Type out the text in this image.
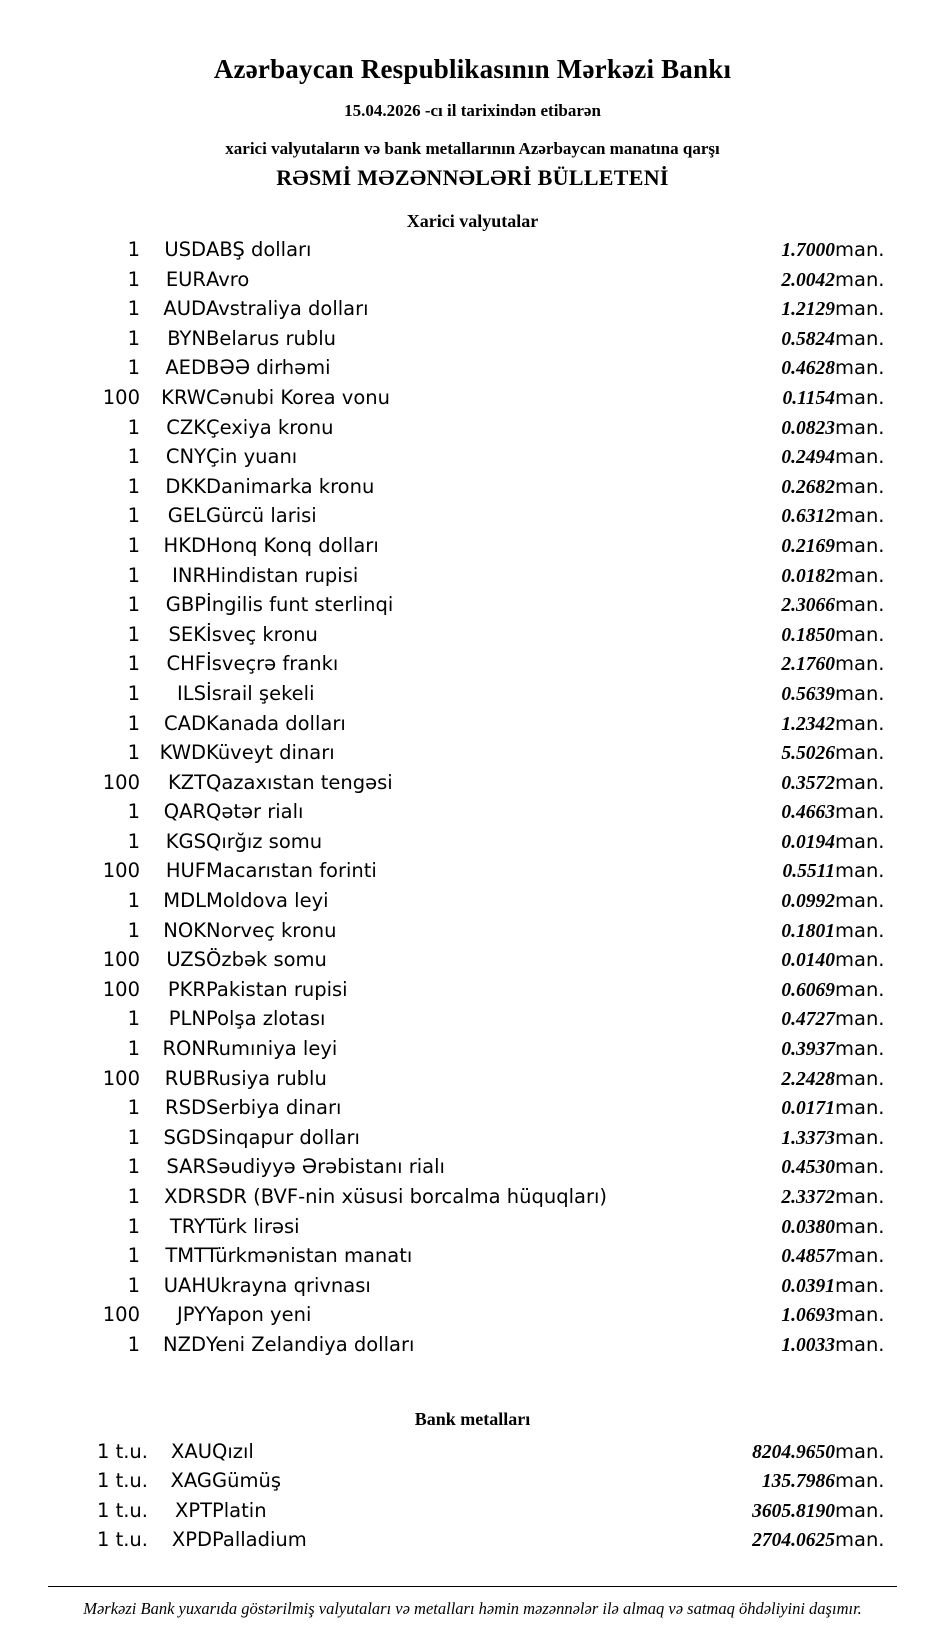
Azərbaycan Respublikasının Mərkəzi Bankı
15.04.2026 -cı il tarixindən etibarən
xarici valyutaların və bank metallarının Azərbaycan manatına qarşı
RƏSMİ MƏZƏNNƏLƏRİ BÜLLETENİ
Xarici valyutalar
1	USD	ABŞ dolları	1.7000	man.
1	EUR	Avro	2.0042	man.
1	AUD	Avstraliya dolları	1.2129	man.
1	BYN	Belarus rublu	0.5824	man.
1	AED	BƏƏ dirhəmi	0.4628	man.
100	KRW	Cənubi Korea vonu	0.1154	man.
1	CZK	Çexiya kronu	0.0823	man.
1	CNY	Çin yuanı	0.2494	man.
1	DKK	Danimarka kronu	0.2682	man.
1	GEL	Gürcü larisi	0.6312	man.
1	HKD	Honq Konq dolları	0.2169	man.
1	INR	Hindistan rupisi	0.0182	man.
1	GBP	İngilis funt sterlinqi	2.3066	man.
1	SEK	İsveç kronu	0.1850	man.
1	CHF	İsveçrə frankı	2.1760	man.
1	ILS	İsrail şekeli	0.5639	man.
1	CAD	Kanada dolları	1.2342	man.
1	KWD	Küveyt dinarı	5.5026	man.
100	KZT	Qazaxıstan tengəsi	0.3572	man.
1	QAR	Qətər rialı	0.4663	man.
1	KGS	Qırğız somu	0.0194	man.
100	HUF	Macarıstan forinti	0.5511	man.
1	MDL	Moldova leyi	0.0992	man.
1	NOK	Norveç kronu	0.1801	man.
100	UZS	Özbək somu	0.0140	man.
100	PKR	Pakistan rupisi	0.6069	man.
1	PLN	Polşa zlotası	0.4727	man.
1	RON	Rumıniya leyi	0.3937	man.
100	RUB	Rusiya rublu	2.2428	man.
1	RSD	Serbiya dinarı	0.0171	man.
1	SGD	Sinqapur dolları	1.3373	man.
1	SAR	Səudiyyə Ərəbistanı rialı	0.4530	man.
1	XDR	SDR (BVF-nin xüsusi borcalma hüquqları)	2.3372	man.
1	TRY	Türk lirəsi	0.0380	man.
1	TMT	Türkmənistan manatı	0.4857	man.
1	UAH	Ukrayna qrivnası	0.0391	man.
100	JPY	Yapon yeni	1.0693	man.
1	NZD	Yeni Zelandiya dolları	1.0033	man.
Bank metalları
1 t.u.	XAU	Qızıl	8204.9650	man.
1 t.u.	XAG	Gümüş	135.7986	man.
1 t.u.	XPT	Platin	3605.8190	man.
1 t.u.	XPD	Palladium	2704.0625	man.
Mərkəzi Bank yuxarıda göstərilmiş valyutaları və metalları həmin məzənnələr ilə almaq və satmaq öhdəliyini daşımır.
